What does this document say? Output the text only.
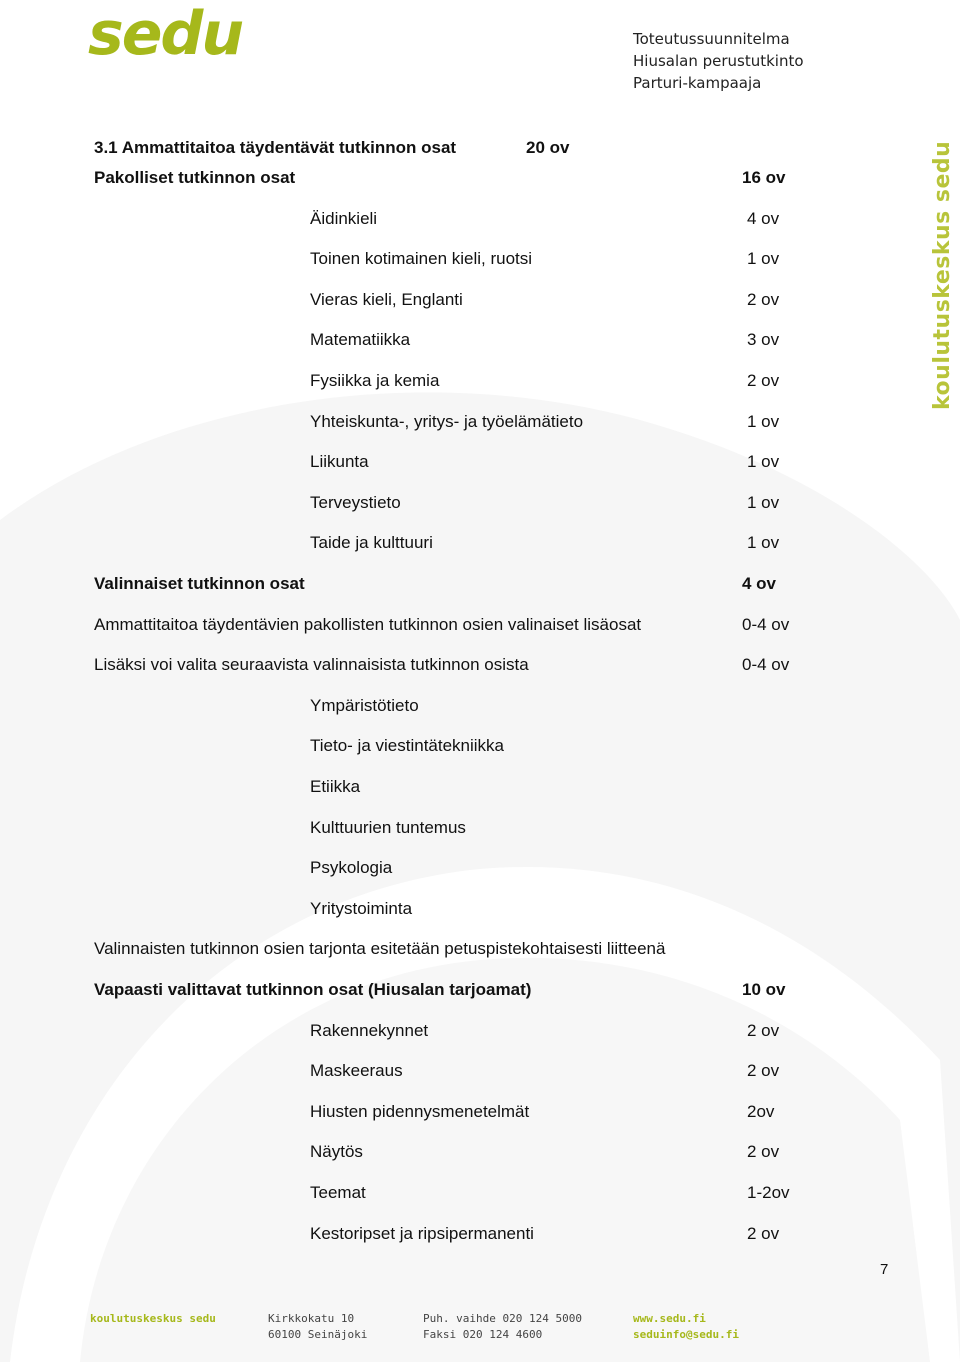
sedu	Toteutussuunnitelma
Hiusalan perustutkinto
Parturi-kampaaja
koulutuskeskus sedu
3.1 Ammattitaitoa täydentävät tutkinnon osat	20 ov
Pakolliset tutkinnon osat	16 ov
Äidinkieli	4 ov
Toinen kotimainen kieli, ruotsi	1 ov
Vieras kieli, Englanti	2 ov
Matematiikka	3 ov
Fysiikka ja kemia	2 ov
Yhteiskunta-, yritys- ja työelämätieto	1 ov
Liikunta	1 ov
Terveystieto	1 ov
Taide ja kulttuuri	1 ov
Valinnaiset tutkinnon osat	4 ov
Ammattitaitoa täydentävien pakollisten tutkinnon osien valinaiset lisäosat	0-4 ov
Lisäksi voi valita seuraavista valinnaisista tutkinnon osista	0-4 ov
Ympäristötieto
Tieto- ja viestintätekniikka
Etiikka
Kulttuurien tuntemus
Psykologia
Yritystoiminta
Valinnaisten tutkinnon osien tarjonta esitetään petuspistekohtaisesti liitteenä
Vapaasti valittavat tutkinnon osat (Hiusalan tarjoamat)	10 ov
Rakennekynnet	2 ov
Maskeeraus	2 ov
Hiusten pidennysmenetelmät	2ov
Näytös	2 ov
Teemat	1-2ov
Kestoripset ja ripsipermanenti	2 ov
7
koulutuskeskus sedu	Kirkkokatu 10
60100 Seinäjoki
Puh. vaihde 020 124 5000
Faksi 020 124 4600
www.sedu.fi
seduinfo@sedu.fi
